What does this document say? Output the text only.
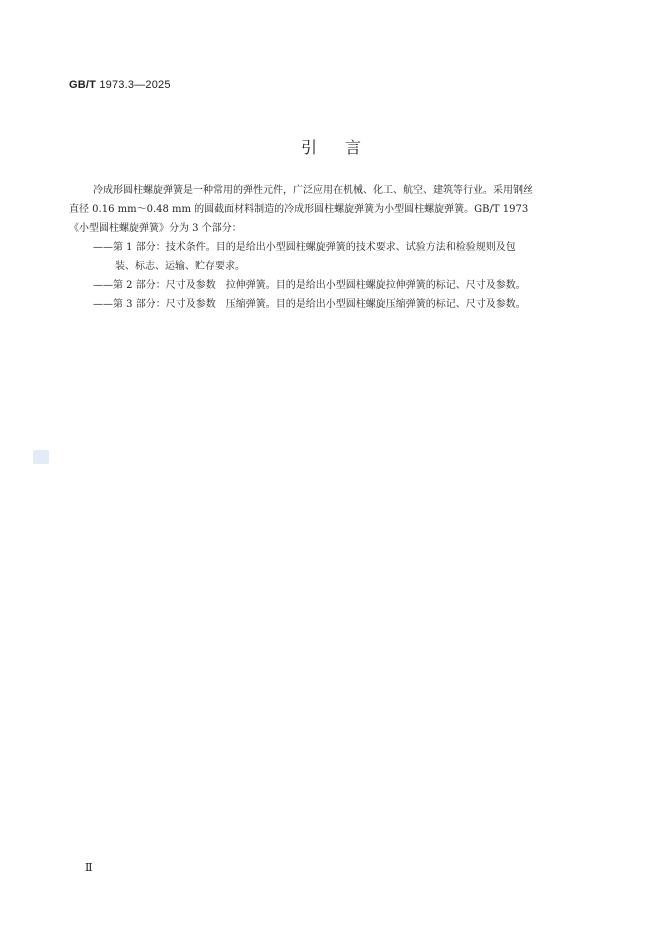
GB/T 1973.3—2025
引言
冷成形圆柱螺旋弹簧是一种常用的弹性元件，广泛应用在机械、化工、航空、建筑等行业。采用钢丝
直径 0.16 mm～0.48 mm 的圆截面材料制造的冷成形圆柱螺旋弹簧为小型圆柱螺旋弹簧。GB/T 1973
《小型圆柱螺旋弹簧》分为 3 个部分：
——第 1 部分：技术条件。目的是给出小型圆柱螺旋弹簧的技术要求、试验方法和检验规则及包
装、标志、运输、贮存要求。
——第 2 部分：尺寸及参数　拉伸弹簧。目的是给出小型圆柱螺旋拉伸弹簧的标记、尺寸及参数。
——第 3 部分：尺寸及参数　压缩弹簧。目的是给出小型圆柱螺旋压缩弹簧的标记、尺寸及参数。
Ⅱ
